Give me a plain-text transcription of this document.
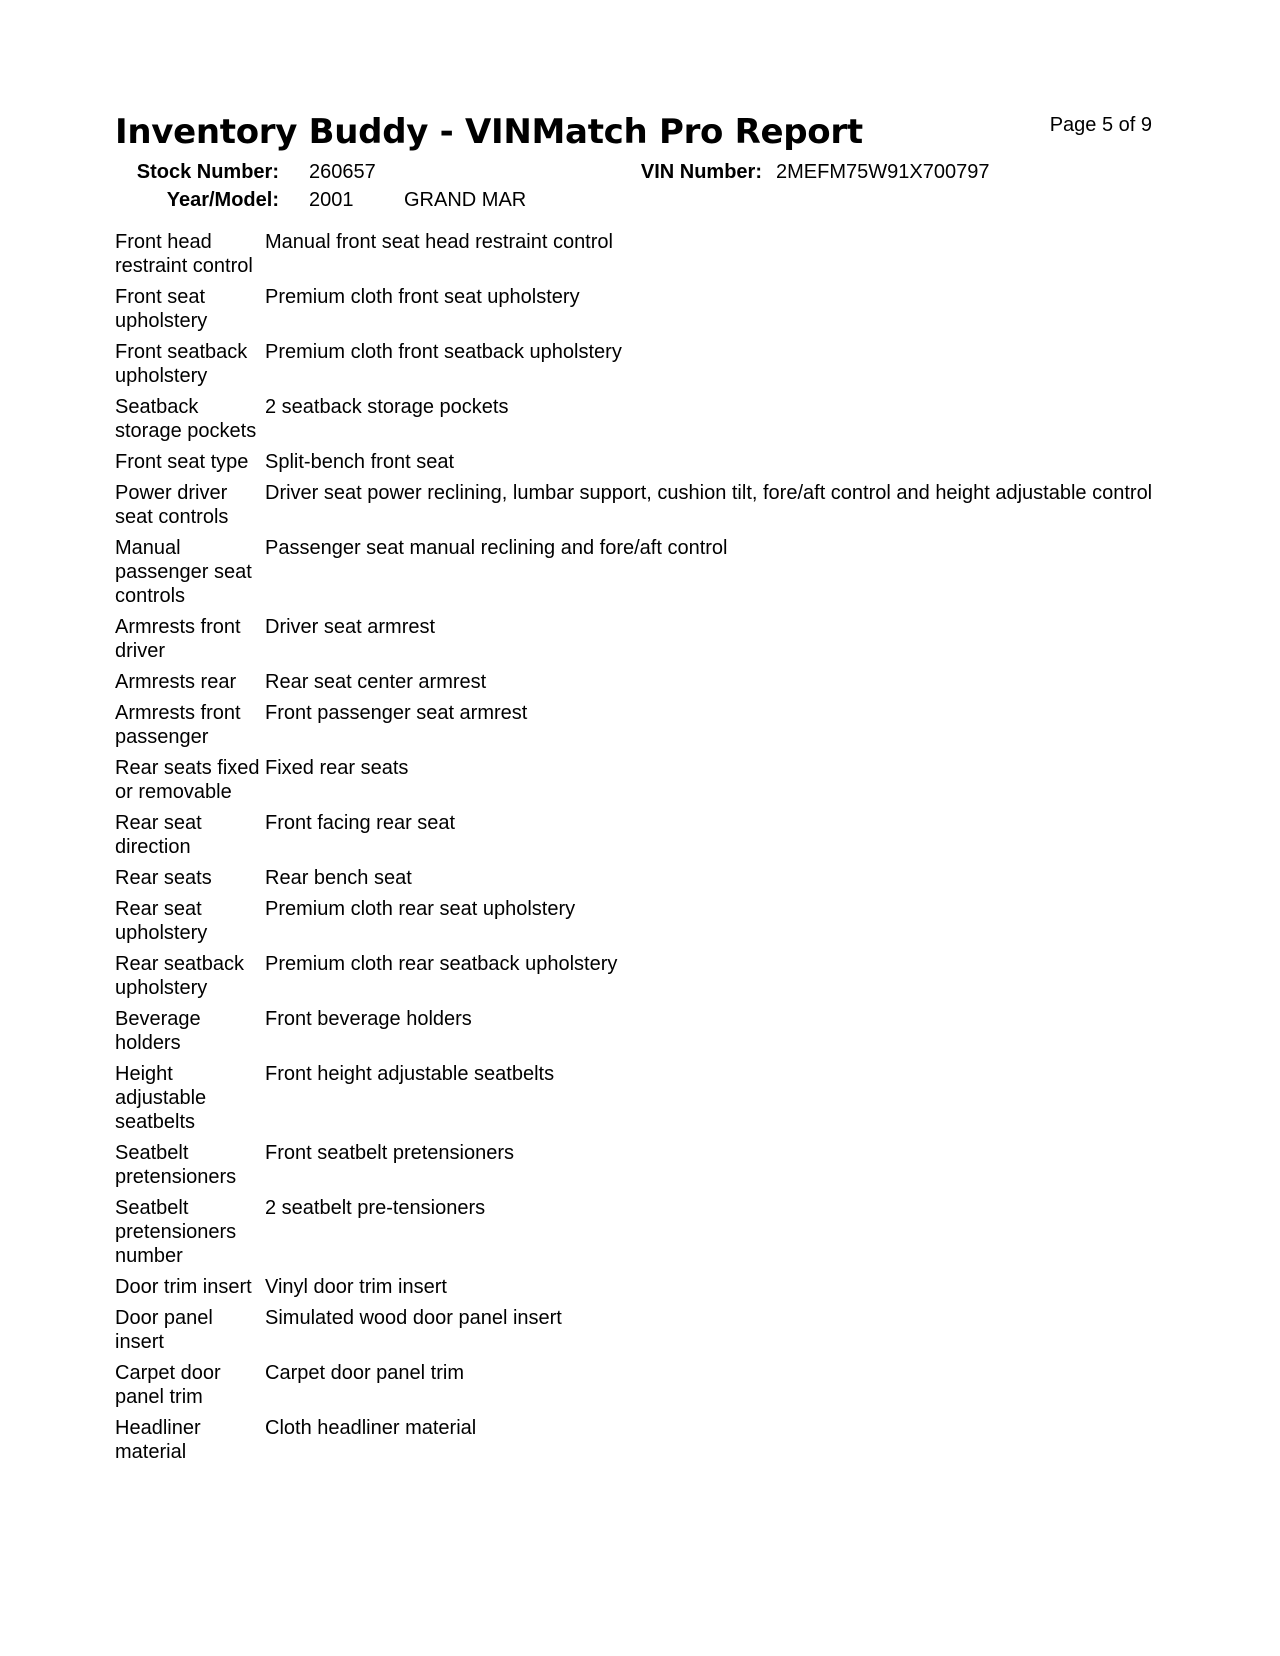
Inventory Buddy - VINMatch Pro Report	Page 5 of 9
Stock Number: 260657	VIN Number: 2MEFM75W91X700797
Year/Model: 2001	GRAND MAR
Front head restraint control	Manual front seat head restraint control
Front seat upholstery	Premium cloth front seat upholstery
Front seatback upholstery	Premium cloth front seatback upholstery
Seatback storage pockets	2 seatback storage pockets
Front seat type	Split-bench front seat
Power driver seat controls	Driver seat power reclining, lumbar support, cushion tilt, fore/aft control and height adjustable control
Manual passenger seat controls	Passenger seat manual reclining and fore/aft control
Armrests front driver	Driver seat armrest
Armrests rear	Rear seat center armrest
Armrests front passenger	Front passenger seat armrest
Rear seats fixed or removable	Fixed rear seats
Rear seat direction	Front facing rear seat
Rear seats	Rear bench seat
Rear seat upholstery	Premium cloth rear seat upholstery
Rear seatback upholstery	Premium cloth rear seatback upholstery
Beverage holders	Front beverage holders
Height adjustable seatbelts	Front height adjustable seatbelts
Seatbelt pretensioners	Front seatbelt pretensioners
Seatbelt pretensioners number	2 seatbelt pre-tensioners
Door trim insert	Vinyl door trim insert
Door panel insert	Simulated wood door panel insert
Carpet door panel trim	Carpet door panel trim
Headliner material	Cloth headliner material
